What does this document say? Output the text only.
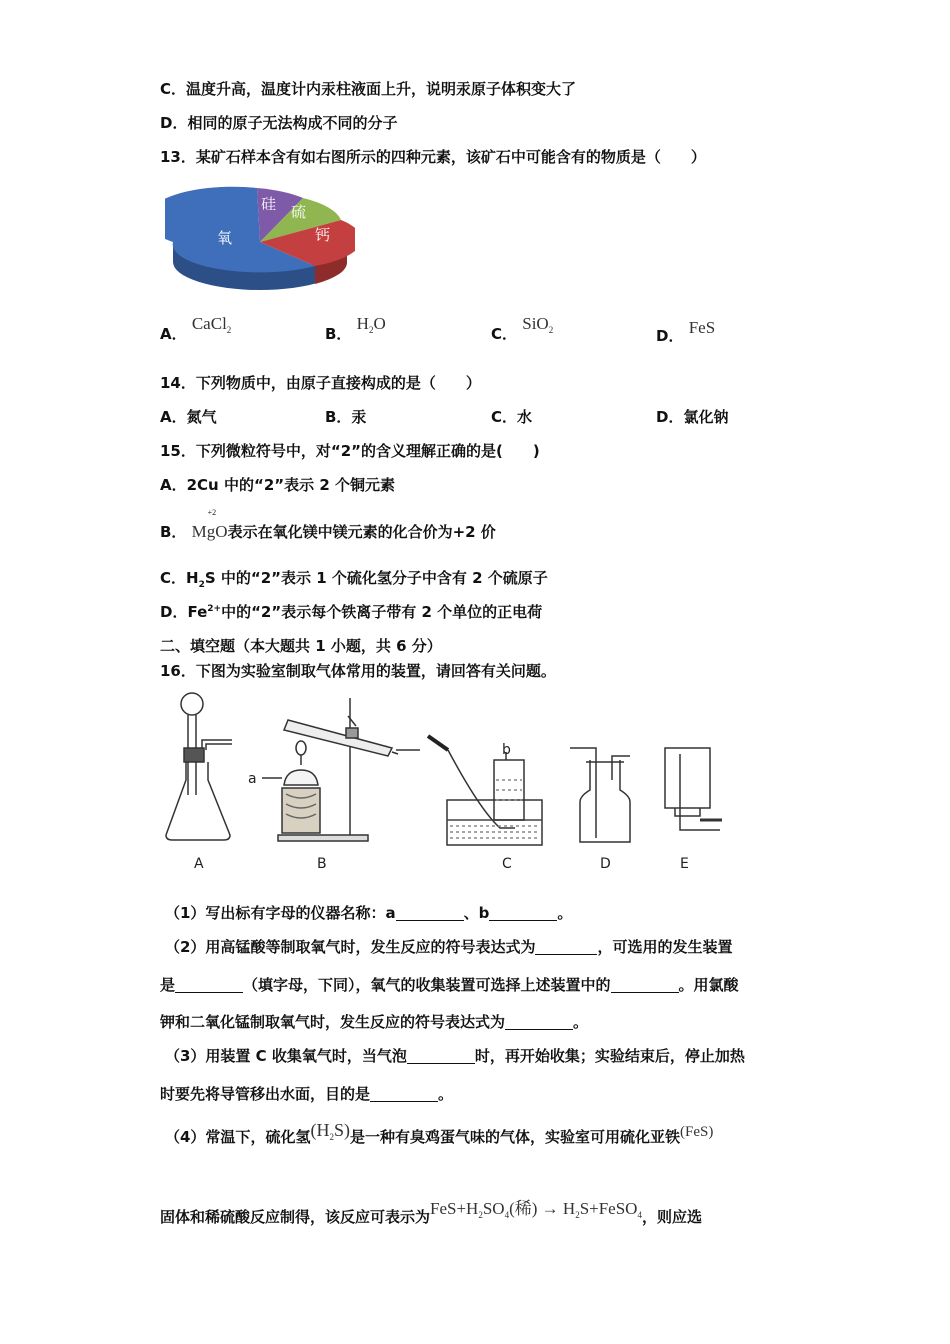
C．温度升高，温度计内汞柱液面上升，说明汞原子体积变大了
D．相同的原子无法构成不同的分子
13．某矿石样本含有如右图所示的四种元素，该矿石中可能含有的物质是（　　）
氧
硅 硫
钙
A． CaCl$_2$	B． $H_2O$
C． SiO$_2$	D． FeS
14．下列物质中，由原子直接构成的是（　　）
A．氮气	B．汞	C．水	D．氯化钠
15．下列微粒符号中，对“2”的含义理解正确的是(　　)
A．2Cu 中的“2”表示 2 个铜元素
B．
+2
MgO表示在氧化镁中镁元素的化合价为+2 价
C．$H_2S$ 中的“2”表示 1 个硫化氢分子中含有 2 个硫原子
D．$Fe^{2+}$中的“2”表示每个铁离子带有 2 个单位的正电荷
二、填空题（本大题共 1 小题，共 6 分）
16．下图为实验室制取气体常用的装置，请回答有关问题。
a
b
A	B	C	D	E
（1）写出标有字母的仪器名称：a	、b	。
（2）用高锰酸等制取氧气时，发生反应的符号表达式为	，可选用的发生装置
是	（填字母，下同），氧气的收集装置可选择上述装置中的	。用氯酸
钾和二氧化锰制取氧气时，发生反应的符号表达式为	。
（3）用装置 C 收集氧气时，当气泡	时，再开始收集；实验结束后，停止加热
时要先将导管移出水面，目的是	。
（4）常温下，硫化氢$(H_2S)$是一种有臭鸡蛋气味的气体，实验室可用硫化亚铁(FeS)
固体和稀硫酸反应制得，该反应可表示为$FeS+H_2SO_4$(稀) → $H_2S+FeSO_4$，则应选
